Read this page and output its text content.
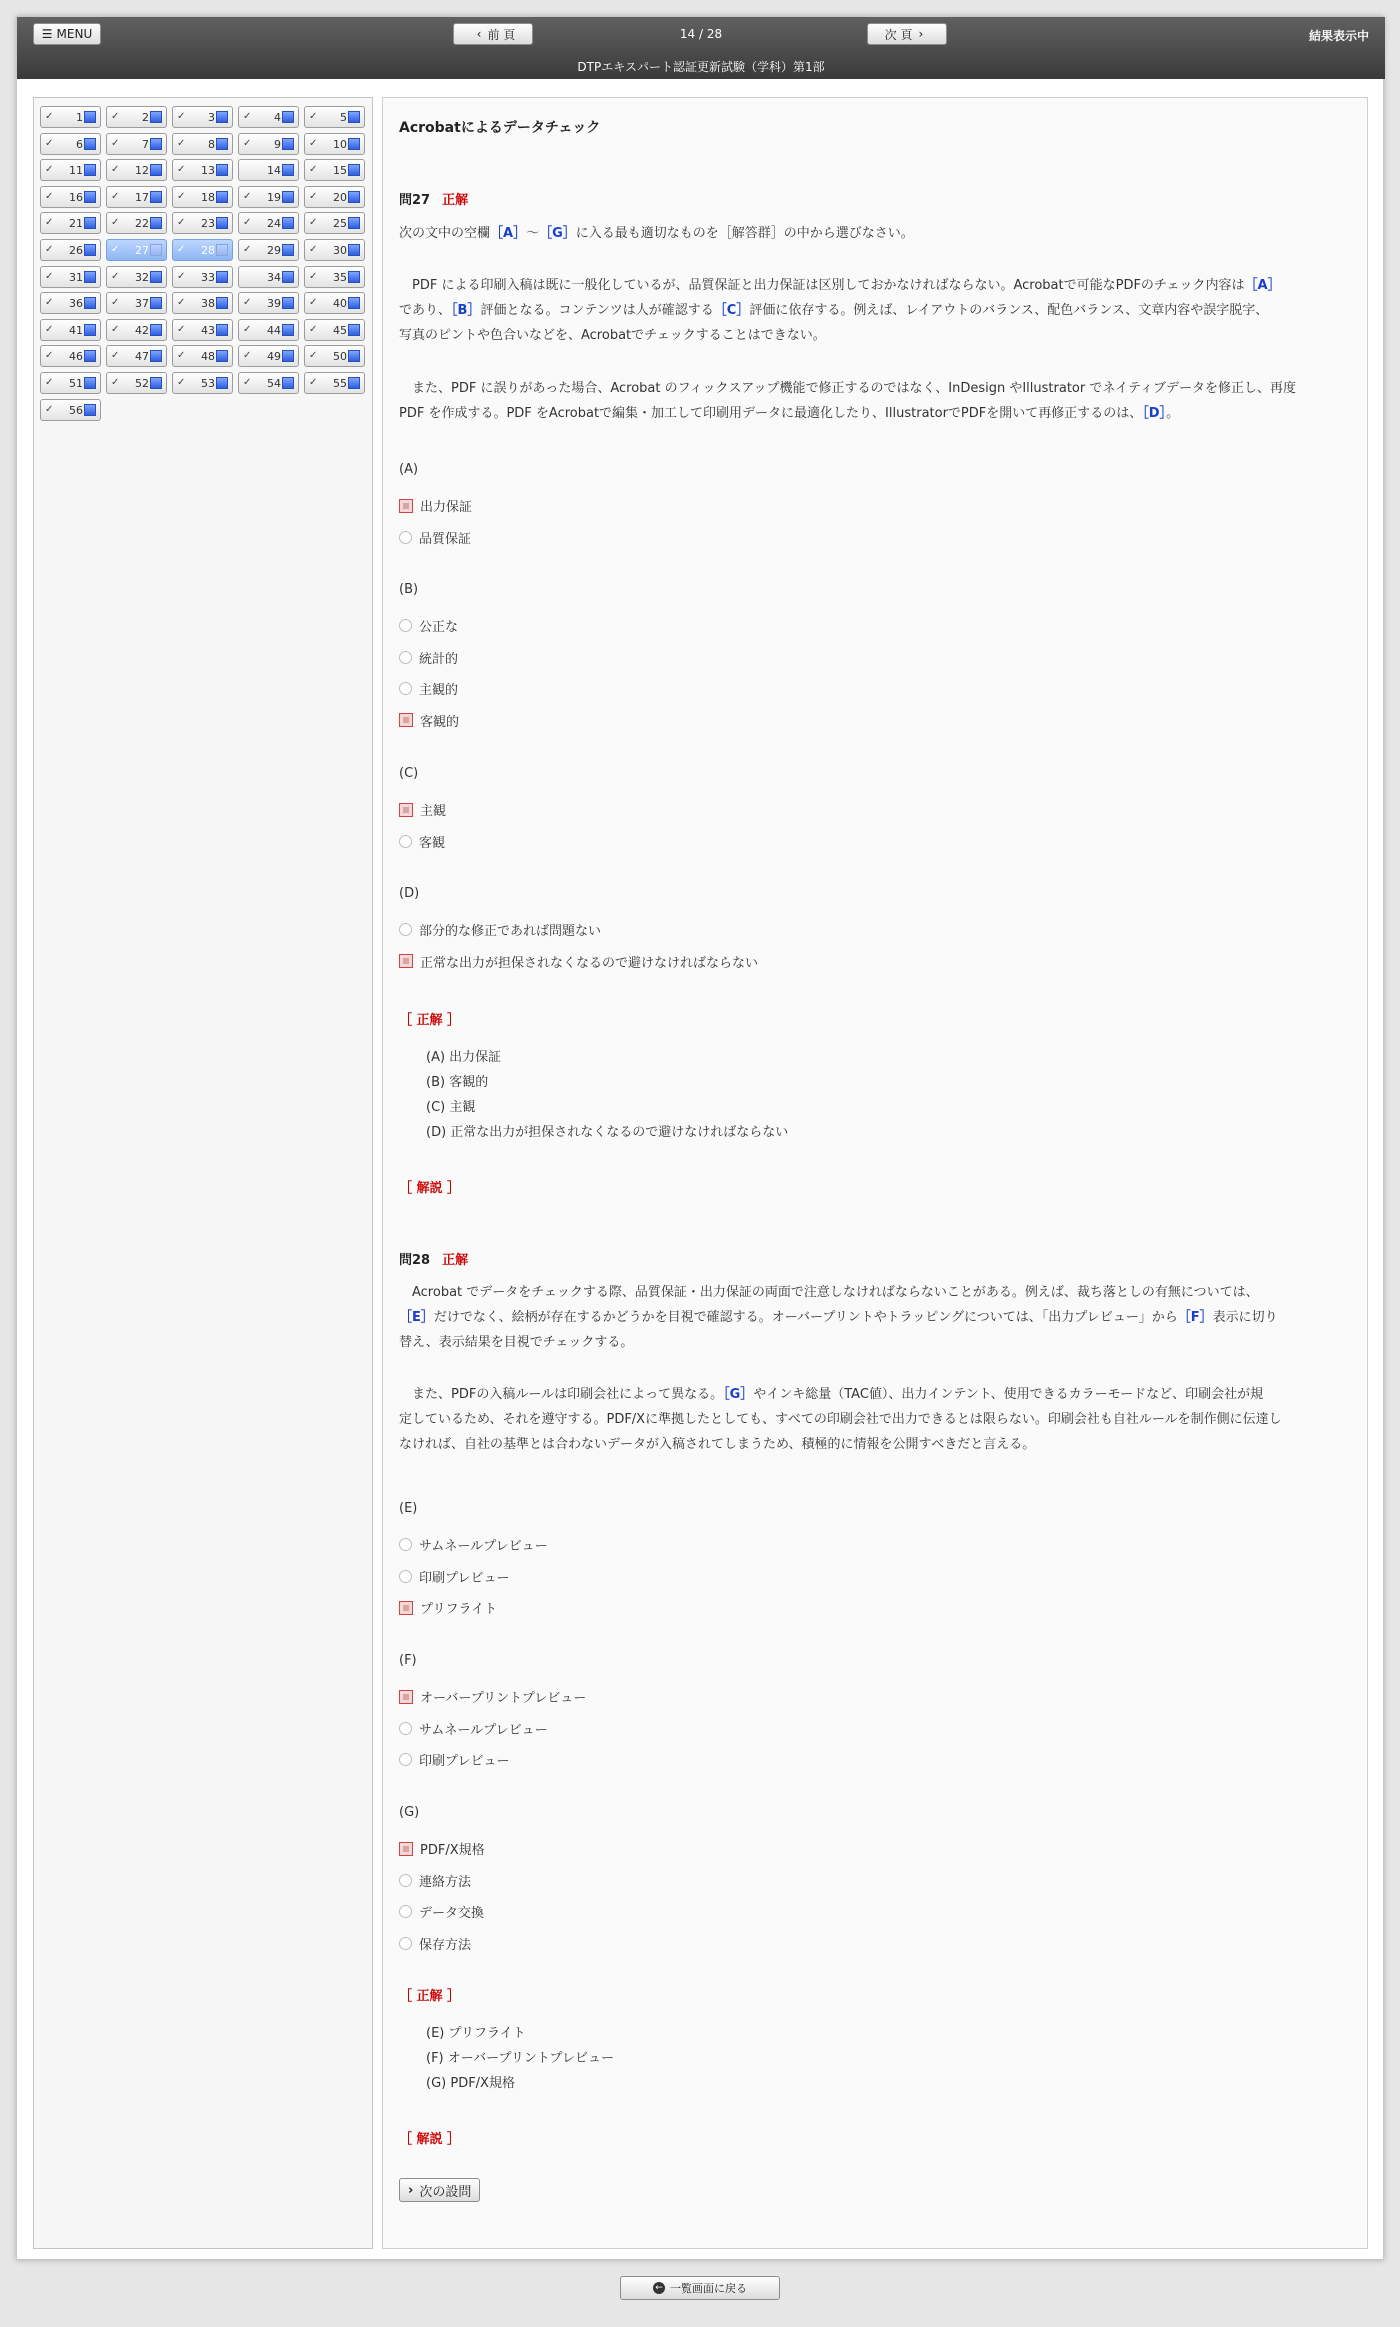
☰ MENU	‹ 前 頁	14 / 28	次 頁 ›	結果表示中
DTPエキスパート認証更新試験（学科）第1部
✓	1	✓	2	✓	3	✓	4	✓	5
✓	6	✓	7	✓	8	✓	9	✓	10
✓	11	✓	12	✓	13	14	✓	15
✓	16	✓	17	✓	18	✓	19	✓	20
✓	21	✓	22	✓	23	✓	24	✓	25
✓	26	✓	27	✓	28	✓	29	✓	30
✓	31	✓	32	✓	33	34	✓	35
✓	36	✓	37	✓	38	✓	39	✓	40
✓	41	✓	42	✓	43	✓	44	✓	45
✓	46	✓	47	✓	48	✓	49	✓	50
✓	51	✓	52	✓	53	✓	54	✓	55
✓	56
Acrobatによるデータチェック
問27 正解
次の文中の空欄［A］〜［G］に入る最も適切なものを［解答群］の中から選びなさい。
　PDF による印刷入稿は既に一般化しているが、品質保証と出力保証は区別しておかなければならない。Acrobatで可能なPDFのチェック内容は［A］
であり、［B］評価となる。コンテンツは人が確認する［C］評価に依存する。例えば、レイアウトのバランス、配色バランス、文章内容や誤字脱字、
写真のピントや色合いなどを、Acrobatでチェックすることはできない。
　また、PDF に誤りがあった場合、Acrobat のフィックスアップ機能で修正するのではなく、InDesign やIllustrator でネイティブデータを修正し、再度
PDF を作成する。PDF をAcrobatで編集・加工して印刷用データに最適化したり、IllustratorでPDFを開いて再修正するのは、［D］。
(A)
出力保証
品質保証
(B)
公正な
統計的
主観的
客観的
(C)
主観
客観
(D)
部分的な修正であれば問題ない
正常な出力が担保されなくなるので避けなければならない
［ 正解 ］
(A) 出力保証
(B) 客観的
(C) 主観
(D) 正常な出力が担保されなくなるので避けなければならない
［ 解説 ］
問28 正解
　Acrobat でデータをチェックする際、品質保証・出力保証の両面で注意しなければならないことがある。例えば、裁ち落としの有無については、
［E］だけでなく、絵柄が存在するかどうかを目視で確認する。オーバープリントやトラッピングについては、「出力プレビュー」から［F］表示に切り
替え、表示結果を目視でチェックする。
　また、PDFの入稿ルールは印刷会社によって異なる。［G］やインキ総量（TAC値）、出力インテント、使用できるカラーモードなど、印刷会社が規
定しているため、それを遵守する。PDF/Xに準拠したとしても、すべての印刷会社で出力できるとは限らない。印刷会社も自社ルールを制作側に伝達し
なければ、自社の基準とは合わないデータが入稿されてしまうため、積極的に情報を公開すべきだと言える。
(E)
サムネールプレビュー
印刷プレビュー
プリフライト
(F)
オーバープリントプレビュー
サムネールプレビュー
印刷プレビュー
(G)
PDF/X規格
連絡方法
データ交換
保存方法
［ 正解 ］
(E) プリフライト
(F) オーバープリントプレビュー
(G) PDF/X規格
［ 解説 ］
› 次の設問
← 一覧画面に戻る
